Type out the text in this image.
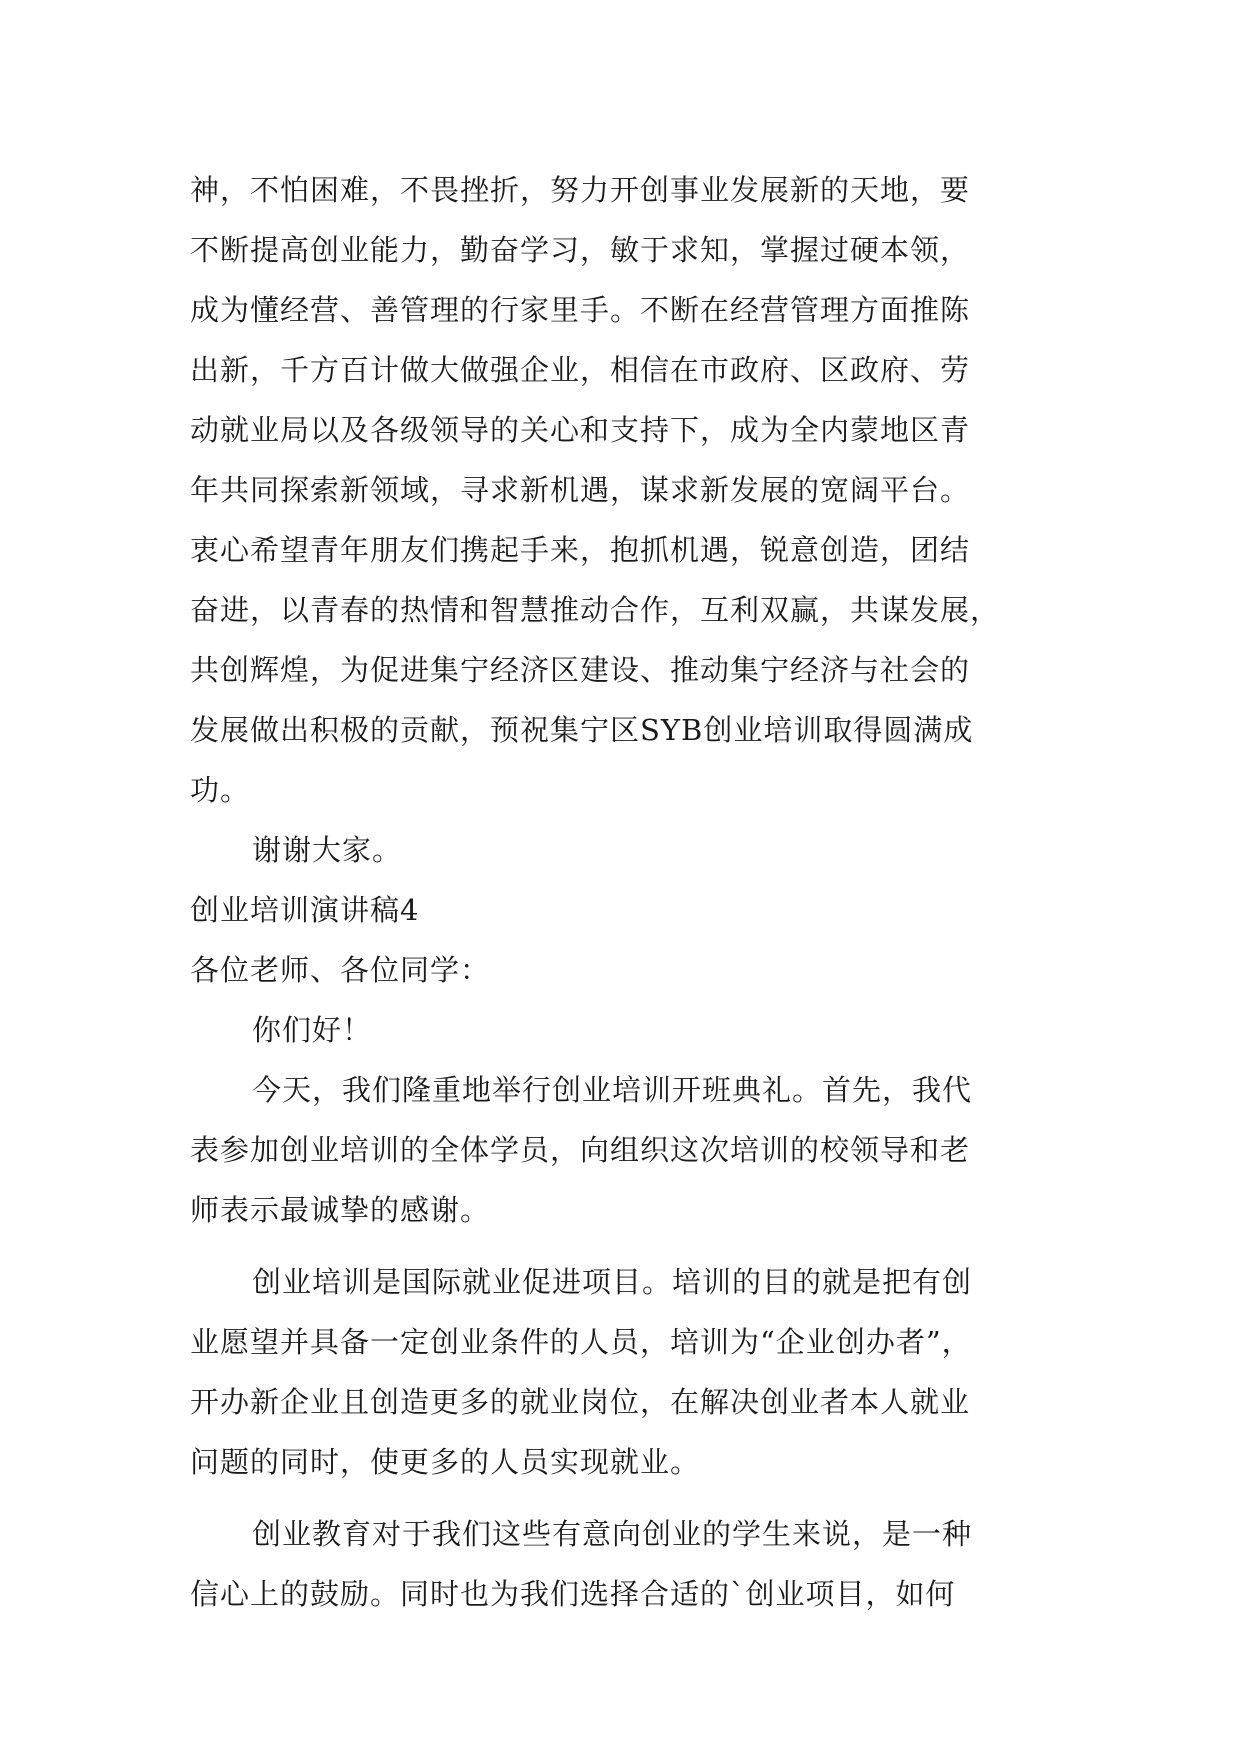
神，不怕困难，不畏挫折，努力开创事业发展新的天地，要
不断提高创业能力，勤奋学习，敏于求知，掌握过硬本领，
成为懂经营、善管理的行家里手。不断在经营管理方面推陈
出新，千方百计做大做强企业，相信在市政府、区政府、劳
动就业局以及各级领导的关心和支持下，成为全内蒙地区青
年共同探索新领域，寻求新机遇，谋求新发展的宽阔平台。
衷心希望青年朋友们携起手来，抱抓机遇，锐意创造，团结
奋进，以青春的热情和智慧推动合作，互利双赢，共谋发展，
共创辉煌，为促进集宁经济区建设、推动集宁经济与社会的
发展做出积极的贡献，预祝集宁区SYB创业培训取得圆满成
功。
谢谢大家。
创业培训演讲稿4
各位老师、各位同学：
你们好！
今天，我们隆重地举行创业培训开班典礼。首先，我代
表参加创业培训的全体学员，向组织这次培训的校领导和老
师表示最诚挚的感谢。
创业培训是国际就业促进项目。培训的目的就是把有创
业愿望并具备一定创业条件的人员，培训为“企业创办者”，
开办新企业且创造更多的就业岗位，在解决创业者本人就业
问题的同时，使更多的人员实现就业。
创业教育对于我们这些有意向创业的学生来说，是一种
信心上的鼓励。同时也为我们选择合适的`创业项目，如何
